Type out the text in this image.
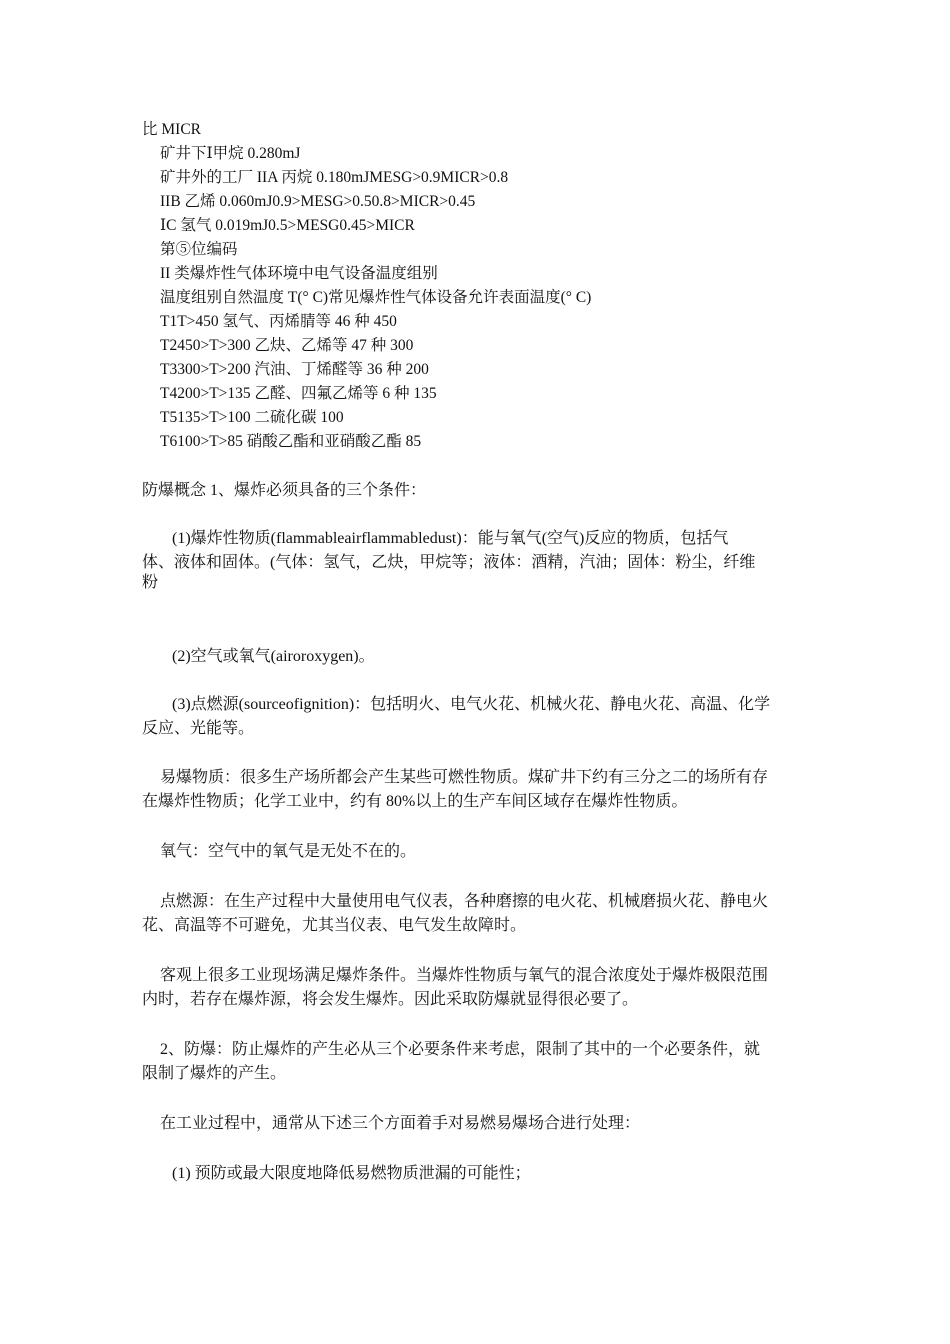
比 MICR
矿井下Ⅰ甲烷 0.280mJ
矿井外的工厂 IIA 丙烷 0.180mJMESG>0.9MICR>0.8
IIB 乙烯 0.060mJ0.9>MESG>0.50.8>MICR>0.45
ⅠC 氢气 0.019mJ0.5>MESG0.45>MICR
第⑤位编码
II 类爆炸性气体环境中电气设备温度组别
温度组别自然温度 T(° C)常见爆炸性气体设备允许表面温度(° C)
T1T>450 氢气、丙烯腈等 46 种 450
T2450>T>300 乙炔、乙烯等 47 种 300
T3300>T>200 汽油、丁烯醛等 36 种 200
T4200>T>135 乙醛、四氟乙烯等 6 种 135
T5135>T>100 二硫化碳 100
T6100>T>85 硝酸乙酯和亚硝酸乙酯 85
防爆概念 1、爆炸必须具备的三个条件：
(1)爆炸性物质(flammableairflammabledust)：能与氧气(空气)反应的物质，包括气
体、液体和固体。(气体：氢气，乙炔，甲烷等；液体：酒精，汽油；固体：粉尘，纤维
粉
(2)空气或氧气(airoroxygen)。
(3)点燃源(sourceofignition)：包括明火、电气火花、机械火花、静电火花、高温、化学
反应、光能等。
易爆物质：很多生产场所都会产生某些可燃性物质。煤矿井下约有三分之二的场所有存
在爆炸性物质；化学工业中，约有 80%以上的生产车间区域存在爆炸性物质。
氧气：空气中的氧气是无处不在的。
点燃源：在生产过程中大量使用电气仪表，各种磨擦的电火花、机械磨损火花、静电火
花、高温等不可避免，尤其当仪表、电气发生故障时。
客观上很多工业现场满足爆炸条件。当爆炸性物质与氧气的混合浓度处于爆炸极限范围
内时，若存在爆炸源，将会发生爆炸。因此采取防爆就显得很必要了。
2、防爆：防止爆炸的产生必从三个必要条件来考虑，限制了其中的一个必要条件，就
限制了爆炸的产生。
在工业过程中，通常从下述三个方面着手对易燃易爆场合进行处理：
(1) 预防或最大限度地降低易燃物质泄漏的可能性；
